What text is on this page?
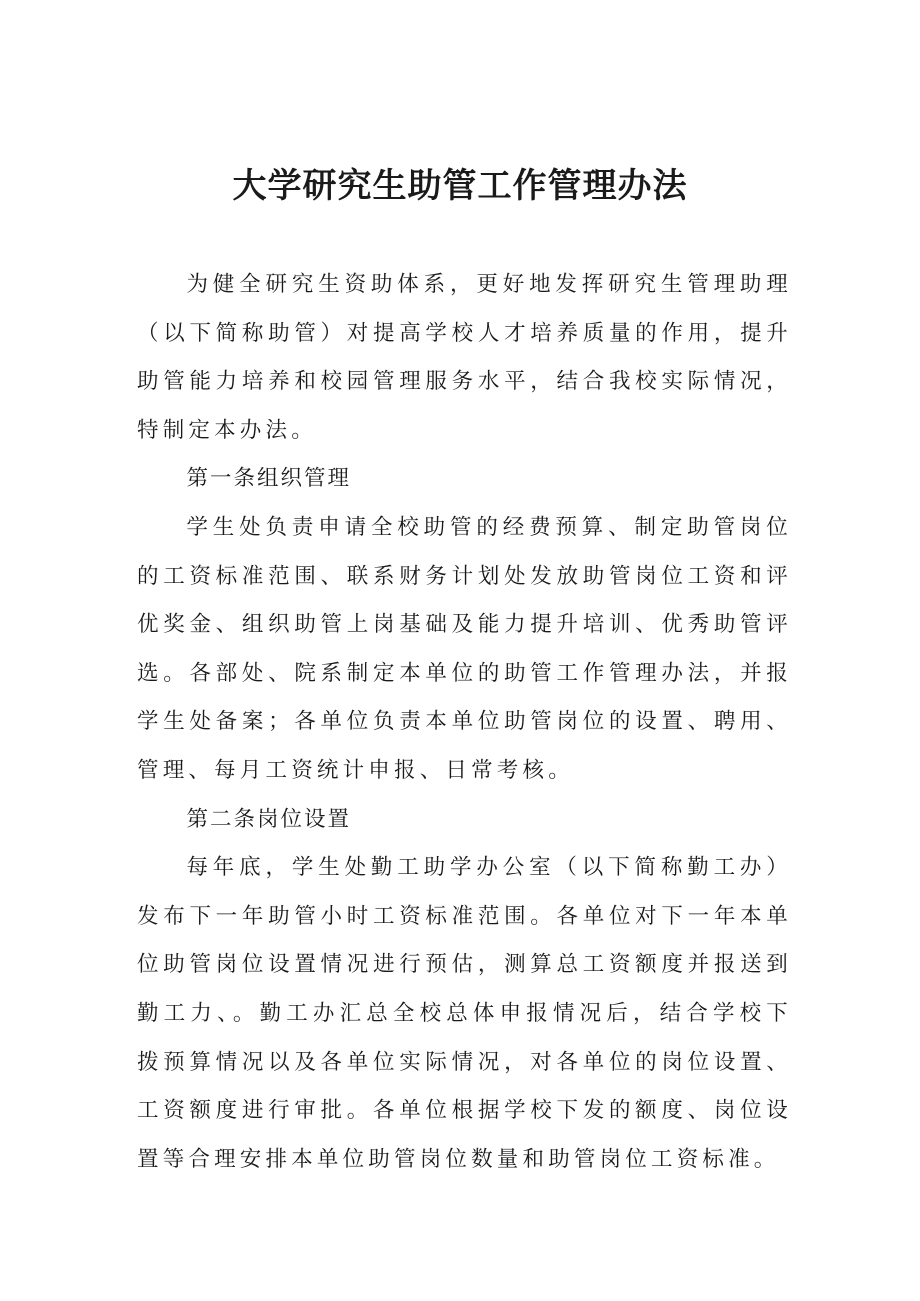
大学研究生助管工作管理办法

为健全研究生资助体系，更好地发挥研究生管理助理（以下简称助管）对提高学校人才培养质量的作用，提升助管能力培养和校园管理服务水平，结合我校实际情况，特制定本办法。

第一条组织管理

学生处负责申请全校助管的经费预算、制定助管岗位的工资标准范围、联系财务计划处发放助管岗位工资和评优奖金、组织助管上岗基础及能力提升培训、优秀助管评选。各部处、院系制定本单位的助管工作管理办法，并报学生处备案；各单位负责本单位助管岗位的设置、聘用、管理、每月工资统计申报、日常考核。

第二条岗位设置

每年底，学生处勤工助学办公室（以下简称勤工办）发布下一年助管小时工资标准范围。各单位对下一年本单位助管岗位设置情况进行预估，测算总工资额度并报送到勤工力、。勤工办汇总全校总体申报情况后，结合学校下拨预算情况以及各单位实际情况，对各单位的岗位设置、工资额度进行审批。各单位根据学校下发的额度、岗位设置等合理安排本单位助管岗位数量和助管岗位工资标准。
